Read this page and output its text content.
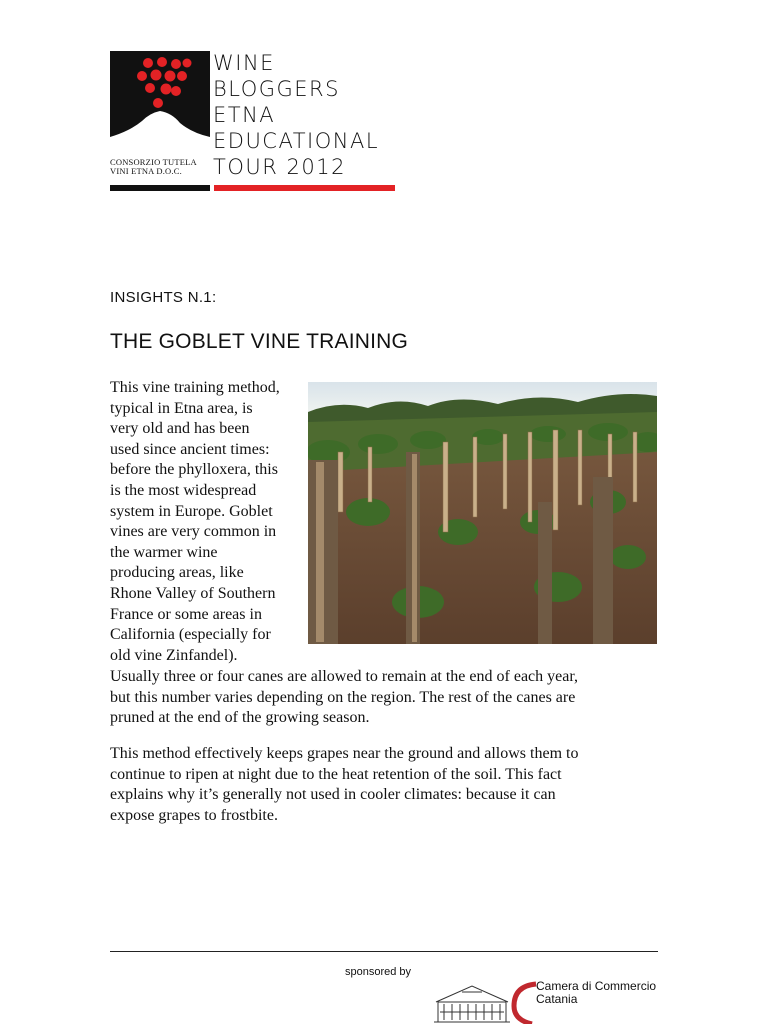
WINE
BLOGGERS
ETNA
EDUCATIONAL
TOUR 2012
CONSORZIO TUTELA
VINI ETNA D.O.C.
INSIGHTS N.1:
THE GOBLET VINE TRAINING
This vine training method,
typical in Etna area, is
very old and has been
used since ancient times:
before the phylloxera, this
is the most widespread
system in Europe. Goblet
vines are very common in
the warmer wine
producing areas, like
Rhone Valley of Southern
France or some areas in
California (especially for
old vine Zinfandel).
Usually three or four canes are allowed to remain at the end of each year,
but this number varies depending on the region. The rest of the canes are
pruned at the end of the growing season.
This method effectively keeps grapes near the ground and allows them to
continue to ripen at night due to the heat retention of the soil. This fact
explains why it’s generally not used in cooler climates: because it can
expose grapes to frostbite.
sponsored by
Camera di Commercio
Catania
